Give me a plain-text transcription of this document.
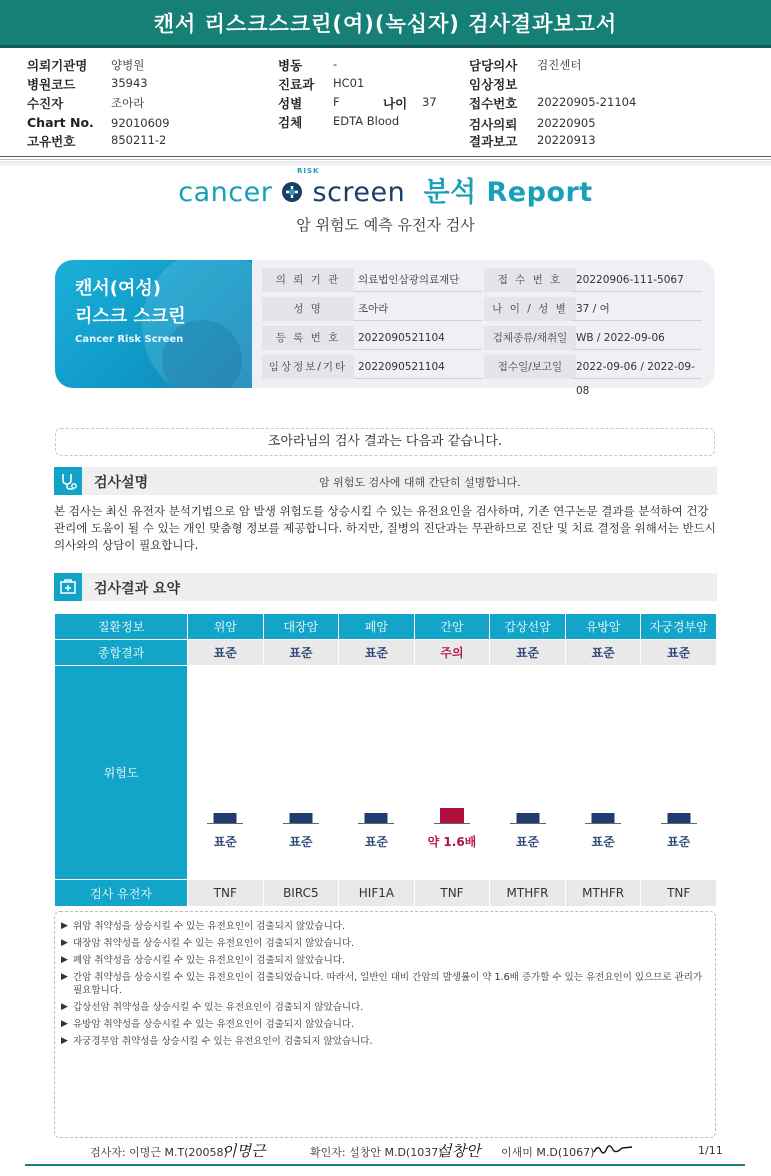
캔서 리스크스크린(여)(녹십자) 검사결과보고서
의뢰기관명 양병원
병원코드	35943
수진자	조아라
Chart No. 92010609
고유번호	850211-2
병동	-
진료과 HC01
성별	F	나이 37
검체	EDTA Blood
담당의사 검진센터
임상정보
접수번호 20220905-21104
검사의뢰 20220905
결과보고 20220913
RISK
cancer screen 분석 Report
암 위험도 예측 유전자 검사
캔서(여성)
리스크 스크린
Cancer Risk Screen
의 뢰 기 관	의료법인삼광의료재단
성 명	조아라
등 록 번 호	2022090521104
임상정보/기타	2022090521104
접 수 번 호	20220906-111-5067
나 이 / 성 별 37 / 여
검체종류/채취일 WB / 2022-09-06
접수일/보고일	2022-09-06 / 2022-09-08
조아라님의 검사 결과는 다음과 같습니다.
검사설명	암 위험도 검사에 대해 간단히 설명합니다.
본 검사는 최신 유전자 분석기법으로 암 발생 위험도를 상승시킬 수 있는 유전요인을 검사하며, 기존 연구논문 결과를 분석하여 건강 관리에 도움이 될 수 있는 개인 맞춤형 정보를 제공합니다. 하지만, 질병의 진단과는 무관하므로 진단 및 치료 결정을 위해서는 반드시 의사와의 상담이 필요합니다.
검사결과 요약
질환정보	위암	대장암	폐암	간암	갑상선암	유방암	자궁경부암
종합결과	표준	표준	표준	주의	표준	표준	표준
위험도	표준	표준	표준	약 1.6배	표준	표준	표준

검사 유전자	TNF	BIRC5	HIF1A	TNF	MTHFR	MTHFR	TNF
▶ 위암 취약성을 상승시킬 수 있는 유전요인이 검출되지 않았습니다.
▶ 대장암 취약성을 상승시킬 수 있는 유전요인이 검출되지 않았습니다.
▶ 폐암 취약성을 상승시킬 수 있는 유전요인이 검출되지 않았습니다.
▶ 간암 취약성을 상승시킬 수 있는 유전요인이 검출되었습니다. 따라서, 일반인 대비 간암의 발생률이 약 1.6배 증가할 수 있는 유전요인이 있으므로 관리가 필요합니다.
▶ 갑상선암 취약성을 상승시킬 수 있는 유전요인이 검출되지 않았습니다.
▶ 유방암 취약성을 상승시킬 수 있는 유전요인이 검출되지 않았습니다.
▶ 자궁경부암 취약성을 상승시킬 수 있는 유전요인이 검출되지 않았습니다.
검사자: 이명근 M.T(20058)
이명근	확인자: 설창안 M.D(1037)
설창안 이새미 M.D(1067)	1/11
